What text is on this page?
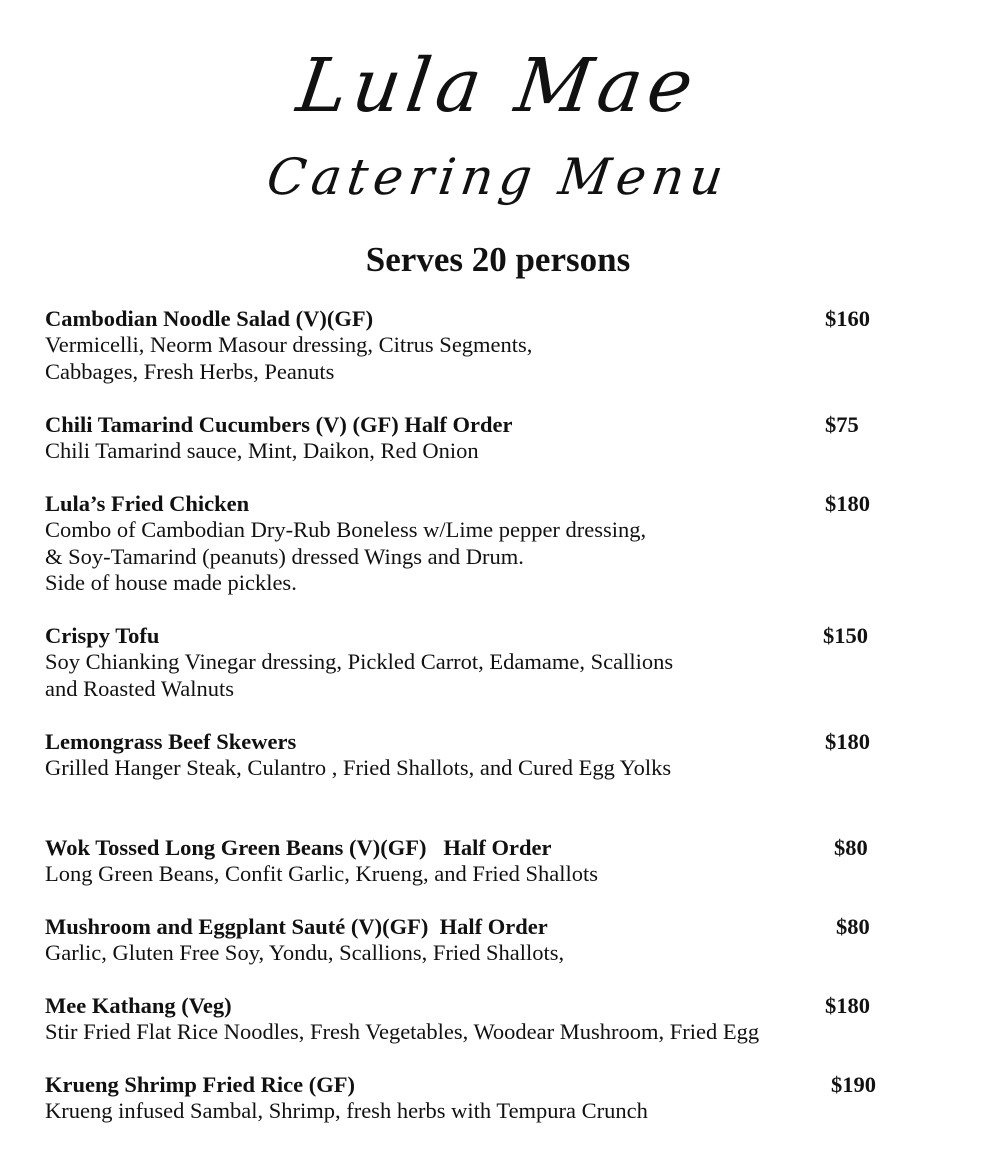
Lula Mae
Catering Menu
Serves 20 persons
Cambodian Noodle Salad (V)(GF)	$160
Vermicelli, Neorm Masour dressing, Citrus Segments,
Cabbages, Fresh Herbs, Peanuts
Chili Tamarind Cucumbers (V) (GF) Half Order	$75
Chili Tamarind sauce, Mint, Daikon, Red Onion
Lula’s Fried Chicken	$180
Combo of Cambodian Dry-Rub Boneless w/Lime pepper dressing,
& Soy-Tamarind (peanuts) dressed Wings and Drum.
Side of house made pickles.
Crispy Tofu	$150
Soy Chianking Vinegar dressing, Pickled Carrot, Edamame, Scallions
and Roasted Walnuts
Lemongrass Beef Skewers	$180
Grilled Hanger Steak, Culantro , Fried Shallots, and Cured Egg Yolks
Wok Tossed Long Green Beans (V)(GF)   Half Order	$80
Long Green Beans, Confit Garlic, Krueng, and Fried Shallots
Mushroom and Eggplant Sauté (V)(GF)  Half Order	$80
Garlic, Gluten Free Soy, Yondu, Scallions, Fried Shallots,
Mee Kathang (Veg)	$180
Stir Fried Flat Rice Noodles, Fresh Vegetables, Woodear Mushroom, Fried Egg
Krueng Shrimp Fried Rice (GF)	$190
Krueng infused Sambal, Shrimp, fresh herbs with Tempura Crunch
